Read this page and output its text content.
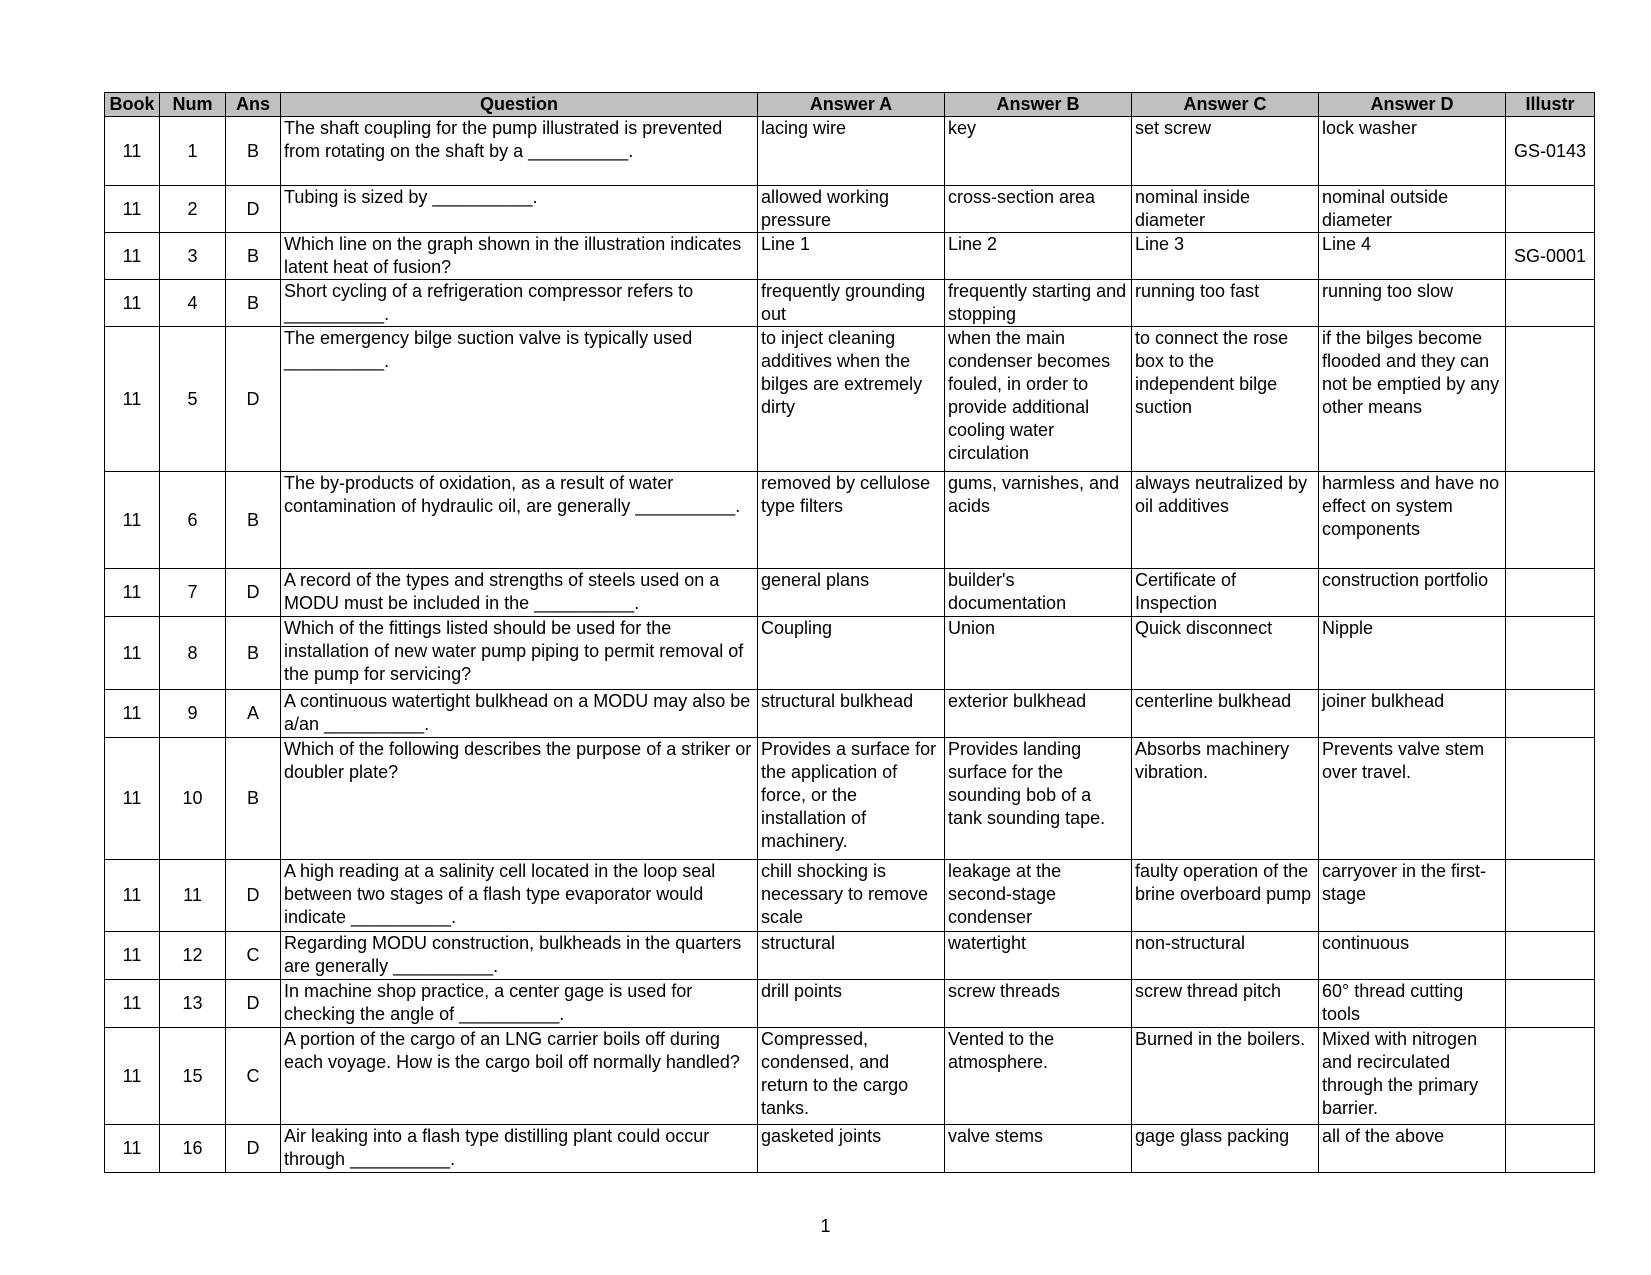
Book	Num	Ans	Question	Answer A	Answer B	Answer C	Answer D	Illustr
11	1	B	The shaft coupling for the pump illustrated is prevented from rotating on the shaft by a __________.	lacing wire	key	set screw	lock washer	GS-0143
11	2	D	Tubing is sized by __________.	allowed working pressure	cross-section area	nominal inside diameter	nominal outside diameter	
11	3	B	Which line on the graph shown in the illustration indicates latent heat of fusion?	Line 1	Line 2	Line 3	Line 4	SG-0001
11	4	B	Short cycling of a refrigeration compressor refers to __________.	frequently grounding out	frequently starting and stopping	running too fast	running too slow	
11	5	D	The emergency bilge suction valve is typically used __________.	to inject cleaning additives when the bilges are extremely dirty	when the main condenser becomes fouled, in order to provide additional cooling water circulation	to connect the rose box to the independent bilge suction	if the bilges become flooded and they can not be emptied by any other means	
11	6	B	The by-products of oxidation, as a result of water contamination of hydraulic oil, are generally __________.	removed by cellulose type filters	gums, varnishes, and acids	always neutralized by oil additives	harmless and have no effect on system components	
11	7	D	A record of the types and strengths of steels used on a MODU must be included in the __________.	general plans	builder's documentation	Certificate of Inspection	construction portfolio	
11	8	B	Which of the fittings listed should be used for the installation of new water pump piping to permit removal of the pump for servicing?	Coupling	Union	Quick disconnect	Nipple	
11	9	A	A continuous watertight bulkhead on a MODU may also be a/an __________.	structural bulkhead	exterior bulkhead	centerline bulkhead	joiner bulkhead	
11	10	B	Which of the following describes the purpose of a striker or doubler plate?	Provides a surface for the application of force, or the installation of machinery.	Provides landing surface for the sounding bob of a tank sounding tape.	Absorbs machinery vibration.	Prevents valve stem over travel.	
11	11	D	A high reading at a salinity cell located in the loop seal between two stages of a flash type evaporator would indicate __________.	chill shocking is necessary to remove scale	leakage at the second-stage condenser	faulty operation of the brine overboard pump	carryover in the first-stage	
11	12	C	Regarding MODU construction, bulkheads in the quarters are generally __________.	structural	watertight	non-structural	continuous	
11	13	D	In machine shop practice, a center gage is used for checking the angle of __________.	drill points	screw threads	screw thread pitch	60° thread cutting tools	
11	15	C	A portion of the cargo of an LNG carrier boils off during each voyage. How is the cargo boil off normally handled?	Compressed, condensed, and return to the cargo tanks.	Vented to the atmosphere.	Burned in the boilers.	Mixed with nitrogen and recirculated through the primary barrier.	
11	16	D	Air leaking into a flash type distilling plant could occur through __________.	gasketed joints	valve stems	gage glass packing	all of the above	
1
